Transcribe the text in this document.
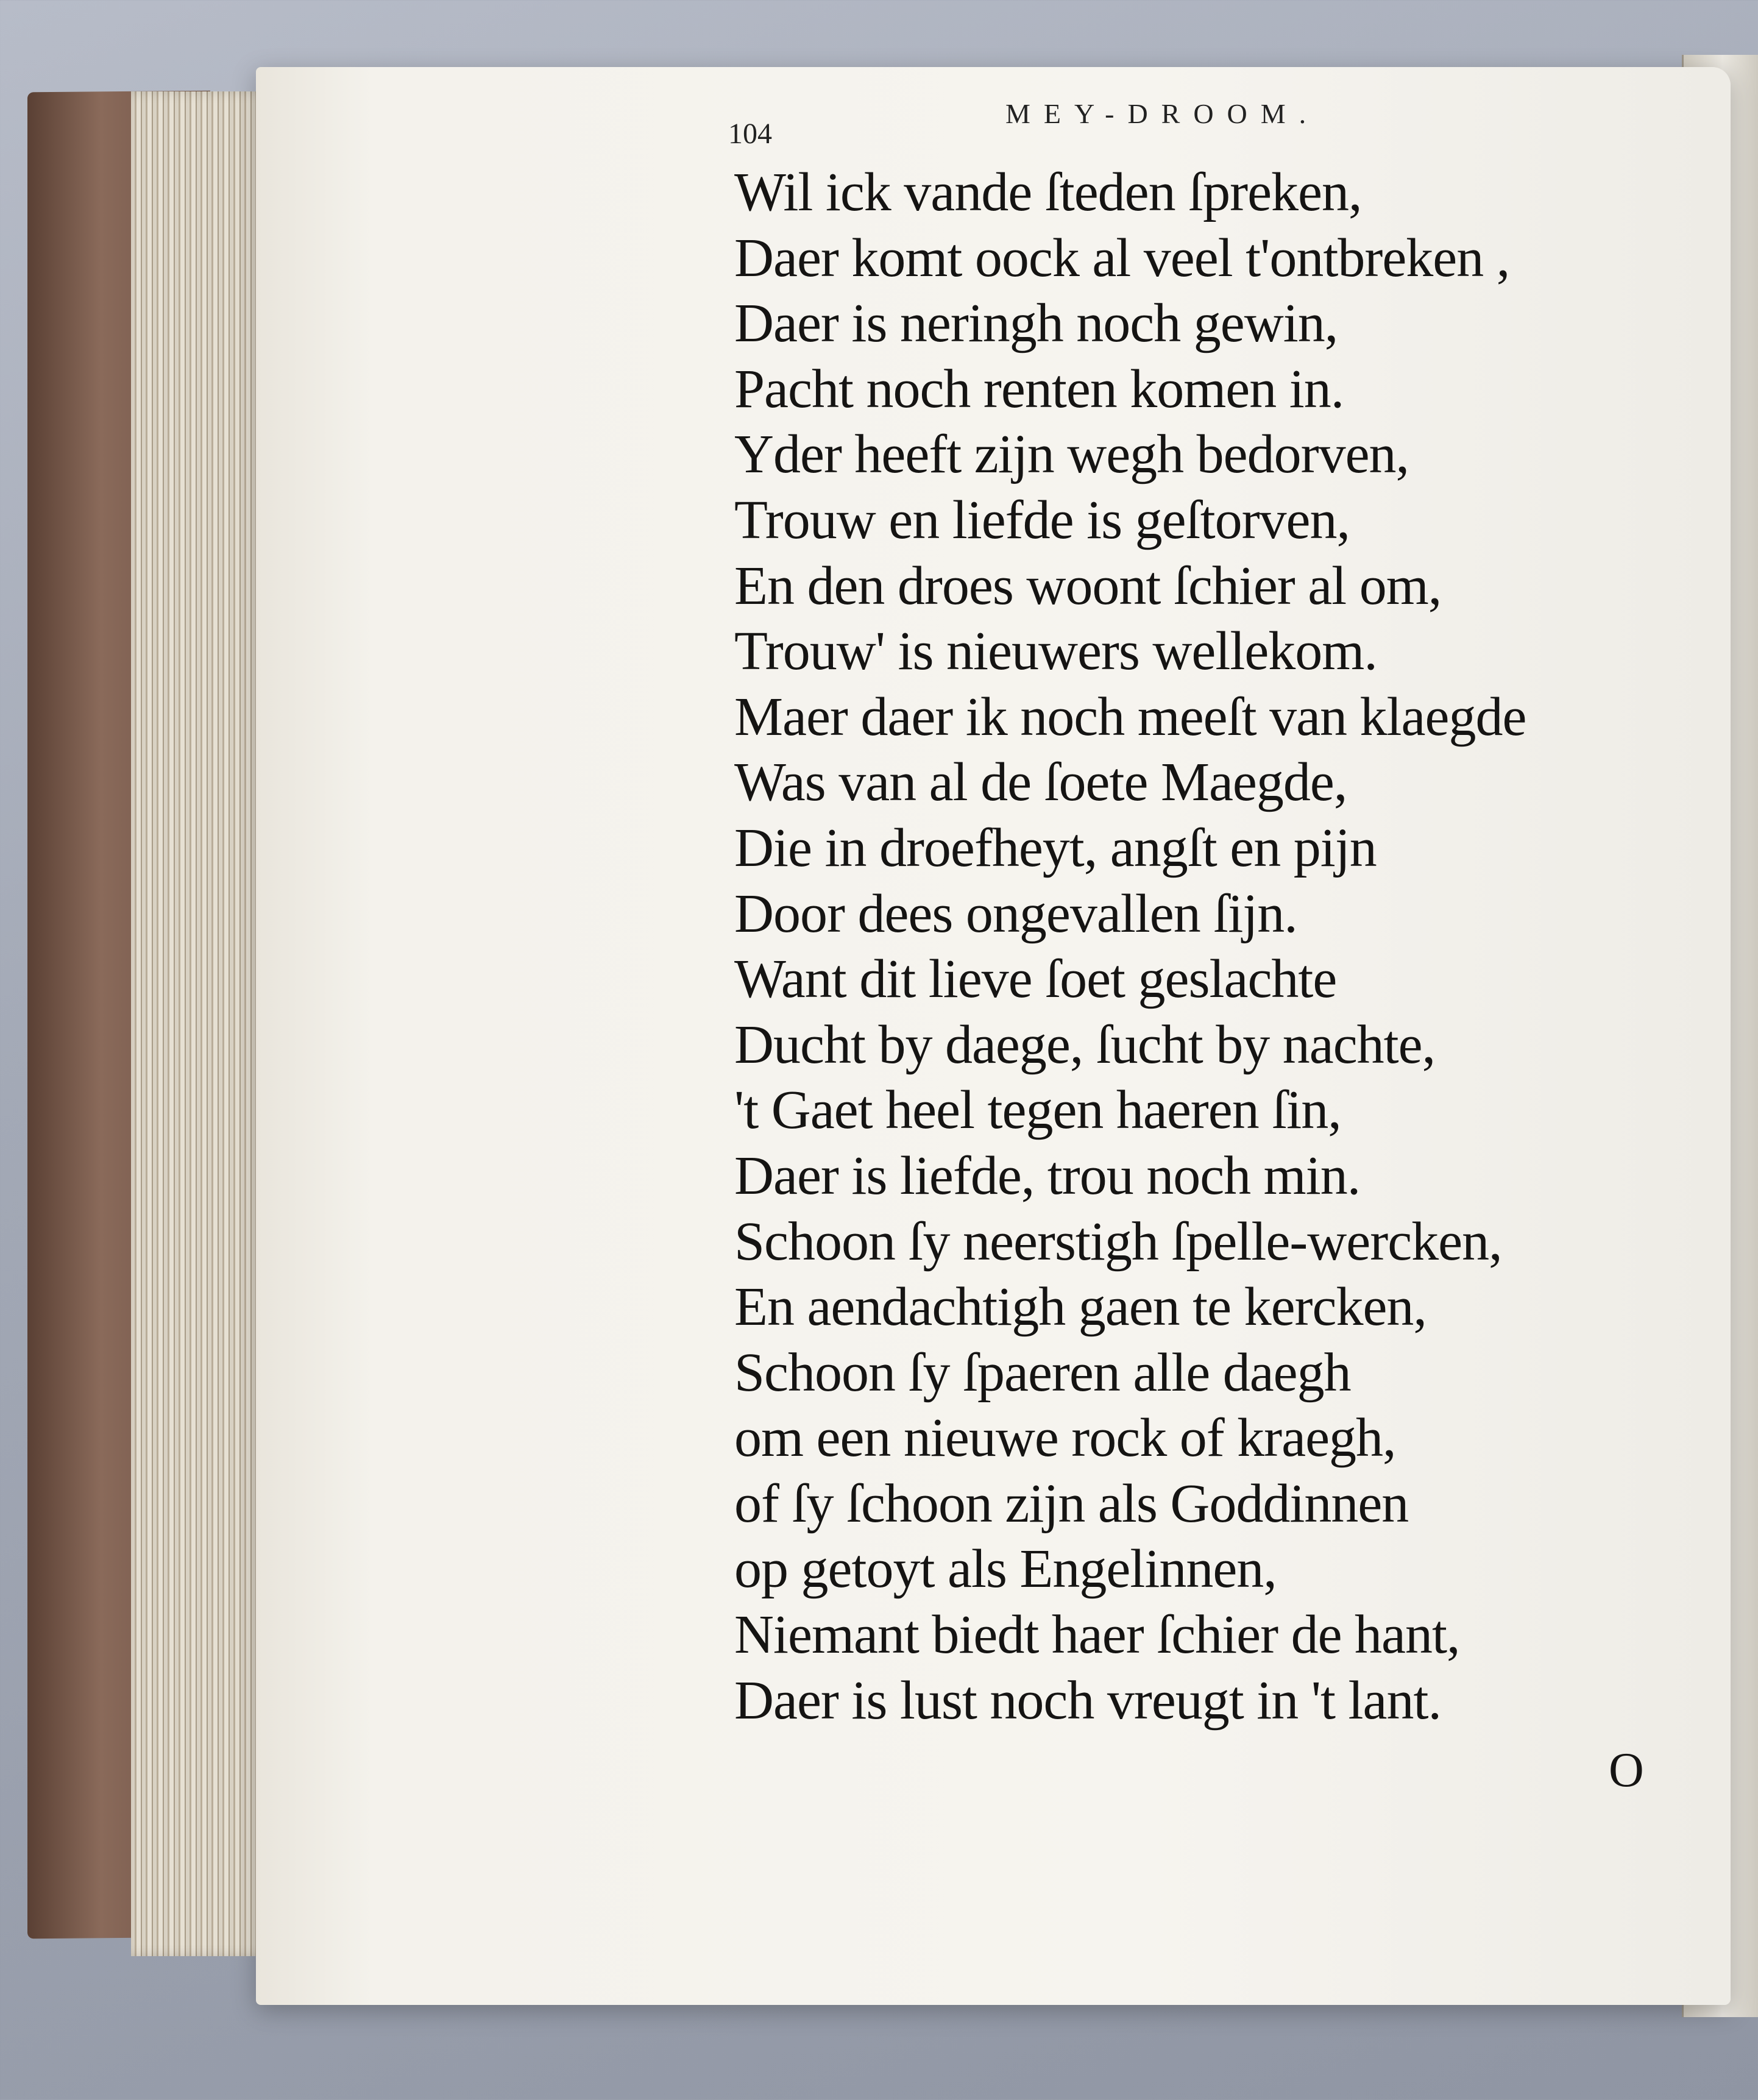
MEY-DROOM.
104
Wil ick vande ſteden ſpreken,
Daer komt oock al veel t'ontbreken ,
Daer is neringh noch gewin,
Pacht noch renten komen in.
Yder heeft zijn wegh bedorven,
Trouw en liefde is geſtorven,
En den droes woont ſchier al om,
Trouw' is nieuwers wellekom.
Maer daer ik noch meeſt van klaegde
Was van al de ſoete Maegde,
Die in droefheyt, angſt en pijn
Door dees ongevallen ſijn.
Want dit lieve ſoet geslachte
Ducht by daege, ſucht by nachte,
't Gaet heel tegen haeren ſin,
Daer is liefde, trou noch min.
Schoon ſy neerstigh ſpelle-wercken,
En aendachtigh gaen te kercken,
Schoon ſy ſpaeren alle daegh
om een nieuwe rock of kraegh,
of ſy ſchoon zijn als Goddinnen
op getoyt als Engelinnen,
Niemant biedt haer ſchier de hant,
Daer is lust noch vreugt in 't lant.
O
